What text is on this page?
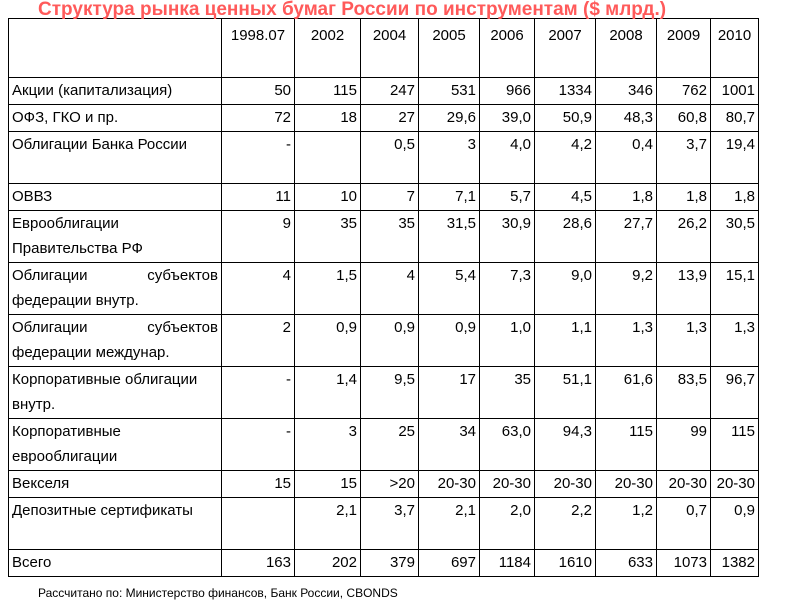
Структура рынка ценных бумаг России по инструментам ($ млрд.)
	1998.07	2002	2004	2005	2006	2007	2008	2009	2010
Акции (капитализация)	50	115	247	531	966	1334	346	762	1001
ОФЗ, ГКО и пр.	72	18	27	29,6	39,0	50,9	48,3	60,8	80,7
Облигации Банка России	-		0,5	3	4,0	4,2	0,4	3,7	19,4
ОВВЗ	11	10	7	7,1	5,7	4,5	1,8	1,8	1,8
Еврооблигации Правительства РФ	9	35	35	31,5	30,9	28,6	27,7	26,2	30,5
Облигации субъектов федерации внутр.	4	1,5	4	5,4	7,3	9,0	9,2	13,9	15,1
Облигации субъектов федерации междунар.	2	0,9	0,9	0,9	1,0	1,1	1,3	1,3	1,3
Корпоративные облигации внутр.	-	1,4	9,5	17	35	51,1	61,6	83,5	96,7
Корпоративные еврооблигации	-	3	25	34	63,0	94,3	115	99	115
Векселя	15	15	>20	20-30	20-30	20-30	20-30	20-30	20-30
Депозитные сертификаты		2,1	3,7	2,1	2,0	2,2	1,2	0,7	0,9
Всего	163	202	379	697	1184	1610	633	1073	1382
Рассчитано по: Министерство финансов, Банк России, CBONDS
